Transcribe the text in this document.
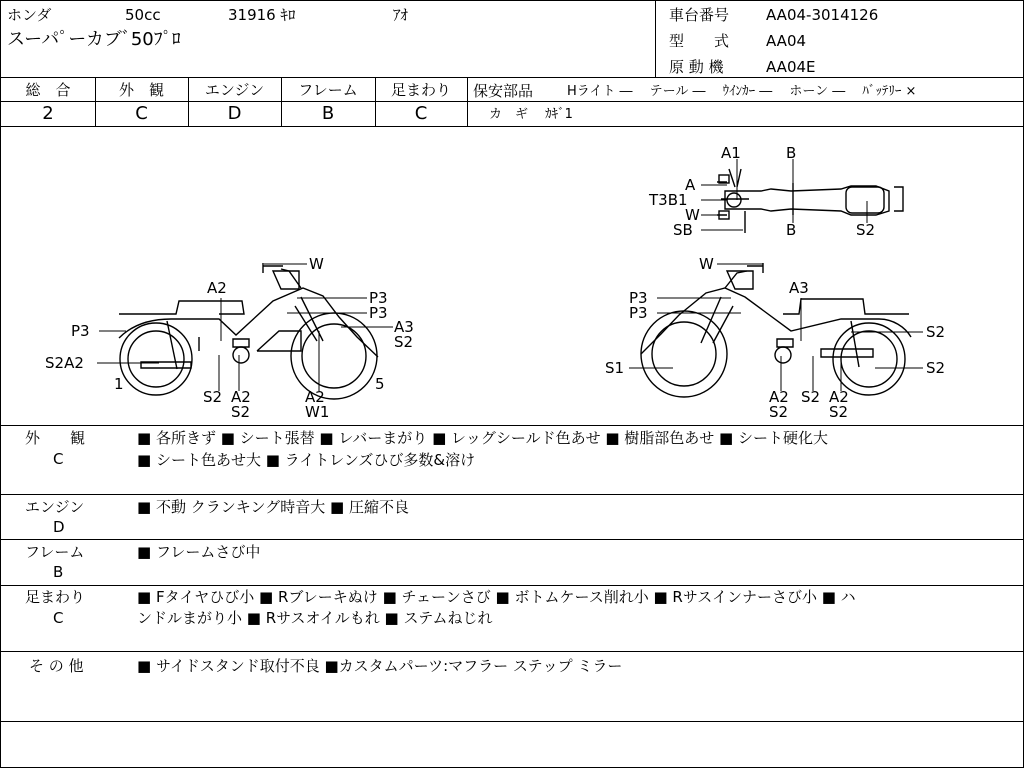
ホンダ	50cc	31916 ｷﾛ	ｱｵ
スーパﾟーカブﾞ50ﾌﾟﾛ
車台番号 AA04-3014126
型　　式 AA04
原 動 機	AA04E
総　合	外　観	エンジン	フレーム	足まわり
2	C	D	B	C
保安部品	Hライト ―　 テール ―　 ｳｲﾝｶｰ ―　 ホーン ―　 ﾊﾞｯﾃﾘｰ ×
カ　ギ　 ｶｷﾞ1
A1	B
A
T3B1
W
SB	B	S2
W
A2
P3
P3
P3
A3
S2
S2A2
1	5
S2 A2
S2
A2
W1
W
P3
P3
A3
S2
S1	S2
A2
S2
A2
S2
S2
外　　観
C
■ 各所きず ■ シート張替 ■ レバーまがり ■ レッグシールド色あせ ■ 樹脂部色あせ ■ シート硬化大
■ シート色あせ大 ■ ライトレンズひび多数&溶け
エンジン
D
■ 不動 クランキング時音大 ■ 圧縮不良
フレーム
B
■ フレームさび中
足まわり
C
■ Fタイヤひび小 ■ Rブレーキぬけ ■ チェーンさび ■ ボトムケース削れ小 ■ Rサスインナーさび小 ■ ハ
ンドルまがり小 ■ Rサスオイルもれ ■ ステムねじれ
そ の 他	■ サイドスタンド取付不良 ■カスタムパーツ:マフラー ステップ ミラー
